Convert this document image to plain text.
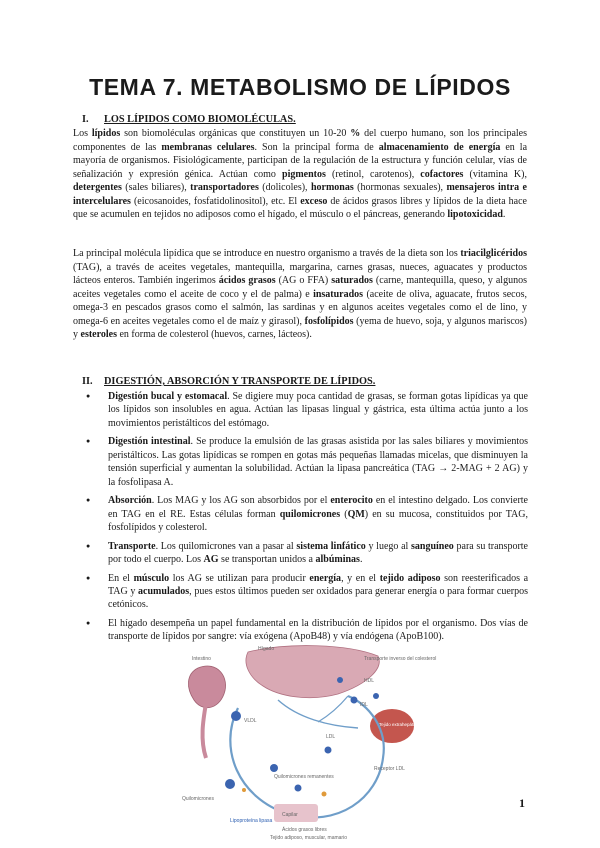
TEMA 7. METABOLISMO DE LÍPIDOS
I. LOS LÍPIDOS COMO BIOMOLÉCULAS.
Los lípidos son biomoléculas orgánicas que constituyen un 10-20 % del cuerpo humano, son los principales componentes de las membranas celulares. Son la principal forma de almacenamiento de energía en la mayoría de organismos. Fisiológicamente, participan de la regulación de la estructura y función celular, vías de señalización y expresión génica. Actúan como pigmentos (retinol, carotenos), cofactores (vitamina K), detergentes (sales biliares), transportadores (dolicoles), hormonas (hormonas sexuales), mensajeros intra e intercelulares (eicosanoides, fosfatidolinositol), etc. El exceso de ácidos grasos libres y lípidos de la dieta hace que se acumulen en tejidos no adiposos como el hígado, el músculo o el páncreas, generando lipotoxicidad.
La principal molécula lipídica que se introduce en nuestro organismo a través de la dieta son los triacilglicéridos (TAG), a través de aceites vegetales, mantequilla, margarina, carnes grasas, nueces, aguacates y productos lácteos enteros. También ingerimos ácidos grasos (AG o FFA) saturados (carne, mantequilla, queso, y algunos aceites vegetales como el aceite de coco y el de palma) e insaturados (aceite de oliva, aguacate, frutos secos, omega-3 en pescados grasos como el salmón, las sardinas y en algunos aceites vegetales como el de lino, y omega-6 en aceites vegetales como el de maíz y girasol), fosfolípidos (yema de huevo, soja, y algunos mariscos) y esteroles en forma de colesterol (huevos, carnes, lácteos).
II. DIGESTIÓN, ABSORCIÓN Y TRANSPORTE DE LÍPIDOS.
● Digestión bucal y estomacal. Se digiere muy poca cantidad de grasas, se forman gotas lipídicas ya que los lípidos son insolubles en agua. Actúan las lipasas lingual y gástrica, esta última actúa junto a los movimientos peristálticos del estómago.
● Digestión intestinal. Se produce la emulsión de las grasas asistida por las sales biliares y movimientos peristálticos. Las gotas lipídicas se rompen en gotas más pequeñas llamadas micelas, que disminuyen la tensión superficial y aumentan la solubilidad. Actúan la lipasa pancreática (TAG → 2-MAG + 2 AG) y la fosfolipasa A.
● Absorción. Los MAG y los AG son absorbidos por el enterocito en el intestino delgado. Los convierte en TAG en el RE. Estas células forman quilomicrones (QM) en su mucosa, constituidos por TAG, fosfolípidos y colesterol.
● Transporte. Los quilomicrones van a pasar al sistema linfático y luego al sanguíneo para su transporte por todo el cuerpo. Los AG se transportan unidos a albúminas.
● En el músculo los AG se utilizan para producir energía, y en el tejido adiposo son reesterificados a TAG y acumulados, pues estos últimos pueden ser oxidados para generar energía o para formar cuerpos cetónicos.
● El hígado desempeña un papel fundamental en la distribución de lípidos por el organismo. Dos vías de transporte de lípidos por sangre: vía exógena (ApoB48) y vía endógena (ApoB100).
Hígado
Intestino	Transporte inverso del colesterol
Tejido extrahepático
HDL
IDL
LDL
VLDL
Receptor LDL
Quilomicrones remanentes
Quilomicrones
Capilar
Lipoproteína lipasa
Ácidos grasos libres
Tejido adiposo, muscular, mamario
1
